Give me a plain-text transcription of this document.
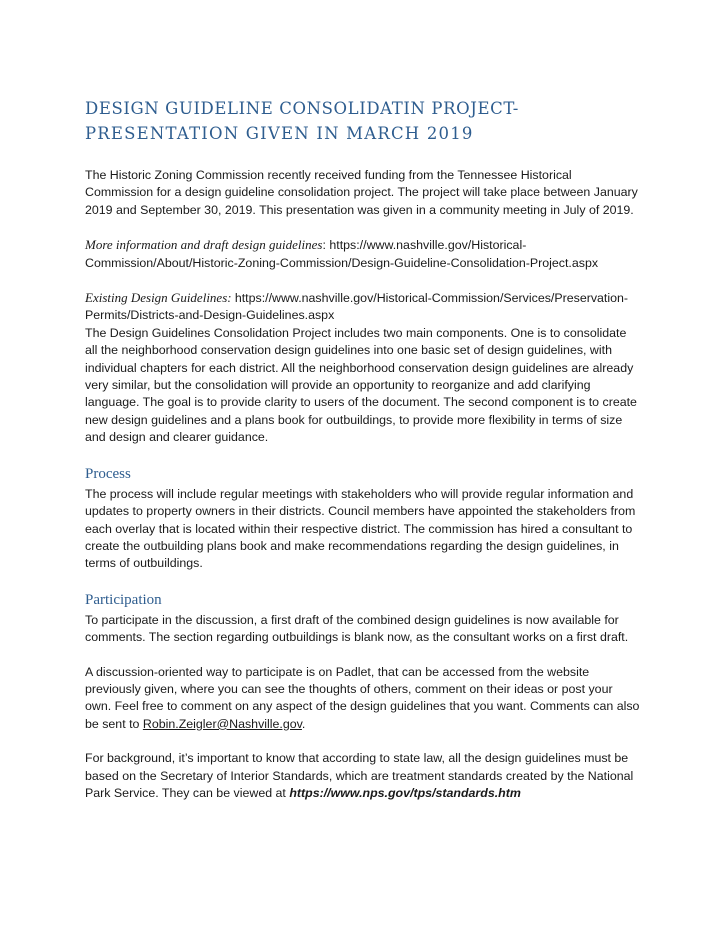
DESIGN GUIDELINE CONSOLIDATIN PROJECT-PRESENTATION GIVEN IN MARCH 2019

The Historic Zoning Commission recently received funding from the Tennessee Historical Commission for a design guideline consolidation project. The project will take place between January 2019 and September 30, 2019. This presentation was given in a community meeting in July of 2019.

More information and draft design guidelines: https://www.nashville.gov/Historical-Commission/About/Historic-Zoning-Commission/Design-Guideline-Consolidation-Project.aspx

Existing Design Guidelines: https://www.nashville.gov/Historical-Commission/Services/Preservation-Permits/Districts-and-Design-Guidelines.aspx

The Design Guidelines Consolidation Project includes two main components. One is to consolidate all the neighborhood conservation design guidelines into one basic set of design guidelines, with individual chapters for each district. All the neighborhood conservation design guidelines are already very similar, but the consolidation will provide an opportunity to reorganize and add clarifying language. The goal is to provide clarity to users of the document. The second component is to create new design guidelines and a plans book for outbuildings, to provide more flexibility in terms of size and design and clearer guidance.

Process

The process will include regular meetings with stakeholders who will provide regular information and updates to property owners in their districts. Council members have appointed the stakeholders from each overlay that is located within their respective district. The commission has hired a consultant to create the outbuilding plans book and make recommendations regarding the design guidelines, in terms of outbuildings.

Participation

To participate in the discussion, a first draft of the combined design guidelines is now available for comments. The section regarding outbuildings is blank now, as the consultant works on a first draft.

A discussion-oriented way to participate is on Padlet, that can be accessed from the website previously given, where you can see the thoughts of others, comment on their ideas or post your own. Feel free to comment on any aspect of the design guidelines that you want. Comments can also be sent to Robin.Zeigler@Nashville.gov.

For background, it’s important to know that according to state law, all the design guidelines must be based on the Secretary of Interior Standards, which are treatment standards created by the National Park Service. They can be viewed at https://www.nps.gov/tps/standards.htm
